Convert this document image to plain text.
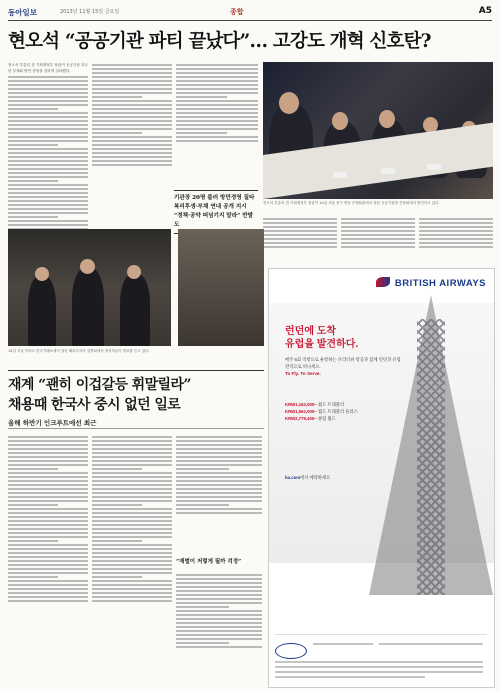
동아일보	2013년 11월 15일 금요일	종합	A5
현오석 “공공기관 파티 끝났다”… 고강도 개혁 신호탄?

현오석 부총리 겸 기획재정부 장관이 공공기관 과도한 부채와 방만 경영을 강하게 질타했다.

기관장 20명 불러 방만경영 질타
복리후생·부채 연내 공개 지시
“정책·공약 떠넘기지 말라” 반발도
현오석 부총리 겸 기획재정부 장관이 14일 서울 중구 명동 은행회관에서 열린 공공기관장 간담회에서 발언하고 있다.
14일 서울 여의도 한국거래소에서 열린 해외투자자 설명회에서 참석자들이 발표를 듣고 있다.
재계 “괜히 이겁갈등 휘말릴라”
채용때 한국사 중시 없던 일로
올해 하반기 인크루트에선 최근
“재벌이 저렇게 될까 걱정”
BRITISH AIRWAYS
런던에 도착
유럽을 발견하다.
매주 6회 직항으로 운항하는 브리티쉬 항공과 함께 런던과 유럽 전역으로 떠나세요.
To Fly. To Serve.
KRW1,162,000~ 월드 트래블러
KRW1,562,000~ 월드 트래블러 플러스
KRW2,779,400~ 클럽 월드
ba.com에서 예약하세요
